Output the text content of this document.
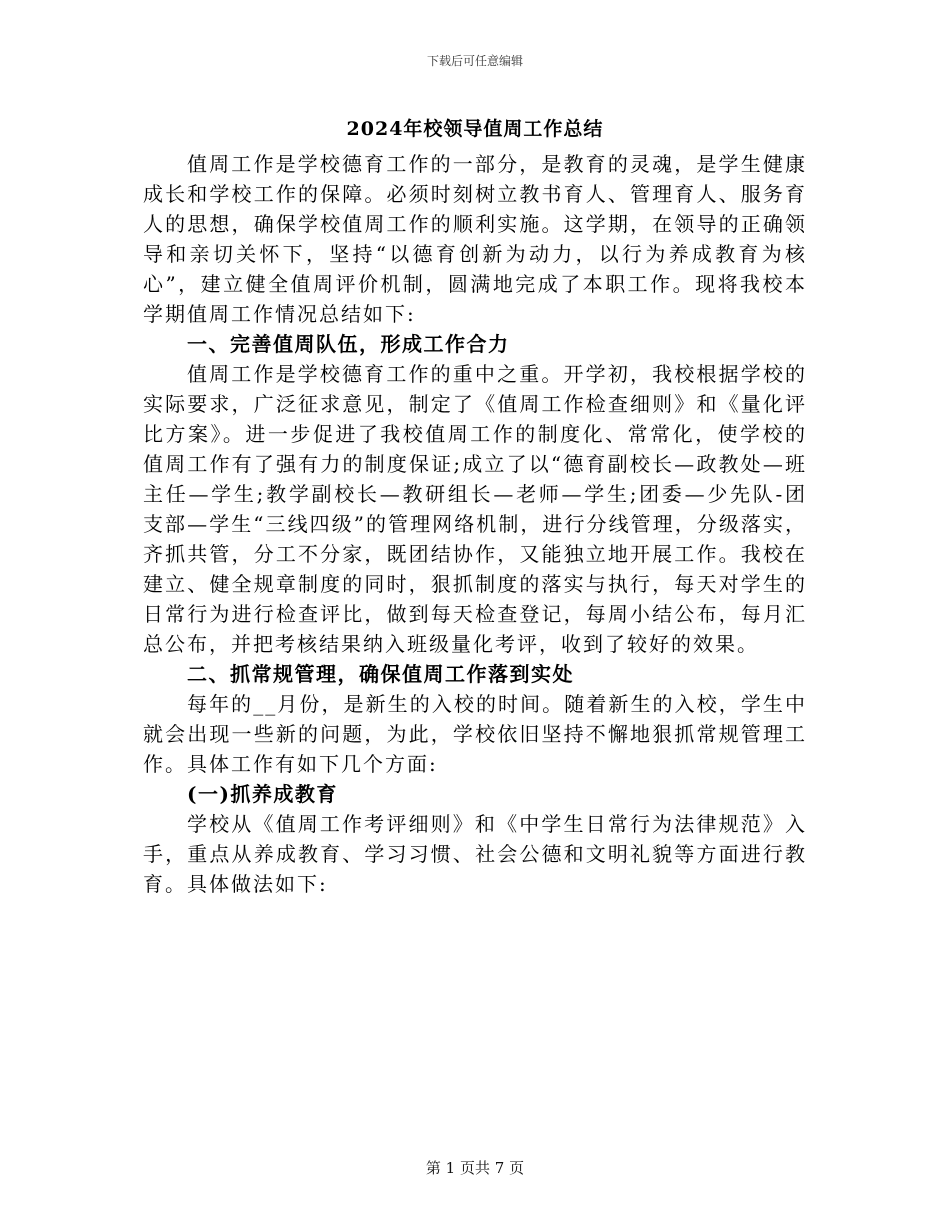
下载后可任意编辑
2024年校领导值周工作总结

值周工作是学校德育工作的一部分，是教育的灵魂，是学生健康成长和学校工作的保障。必须时刻树立教书育人、管理育人、服务育人的思想，确保学校值周工作的顺利实施。这学期，在领导的正确领导和亲切关怀下，坚持“以德育创新为动力，以行为养成教育为核心”，建立健全值周评价机制，圆满地完成了本职工作。现将我校本学期值周工作情况总结如下:

一、完善值周队伍，形成工作合力

值周工作是学校德育工作的重中之重。开学初，我校根据学校的实际要求，广泛征求意见，制定了《值周工作检查细则》和《量化评比方案》。进一步促进了我校值周工作的制度化、常常化，使学校的值周工作有了强有力的制度保证;成立了以“德育副校长—政教处—班主任—学生;教学副校长—教研组长—老师—学生;团委—少先队-团支部—学生“三线四级”的管理网络机制，进行分线管理，分级落实，齐抓共管，分工不分家，既团结协作，又能独立地开展工作。我校在建立、健全规章制度的同时，狠抓制度的落实与执行，每天对学生的日常行为进行检查评比，做到每天检查登记，每周小结公布，每月汇总公布，并把考核结果纳入班级量化考评，收到了较好的效果。

二、抓常规管理，确保值周工作落到实处

每年的__月份，是新生的入校的时间。随着新生的入校，学生中就会出现一些新的问题，为此，学校依旧坚持不懈地狠抓常规管理工作。具体工作有如下几个方面:

(一)抓养成教育

学校从《值周工作考评细则》和《中学生日常行为法律规范》入手，重点从养成教育、学习习惯、社会公德和文明礼貌等方面进行教育。具体做法如下:

第 1 页共 7 页
